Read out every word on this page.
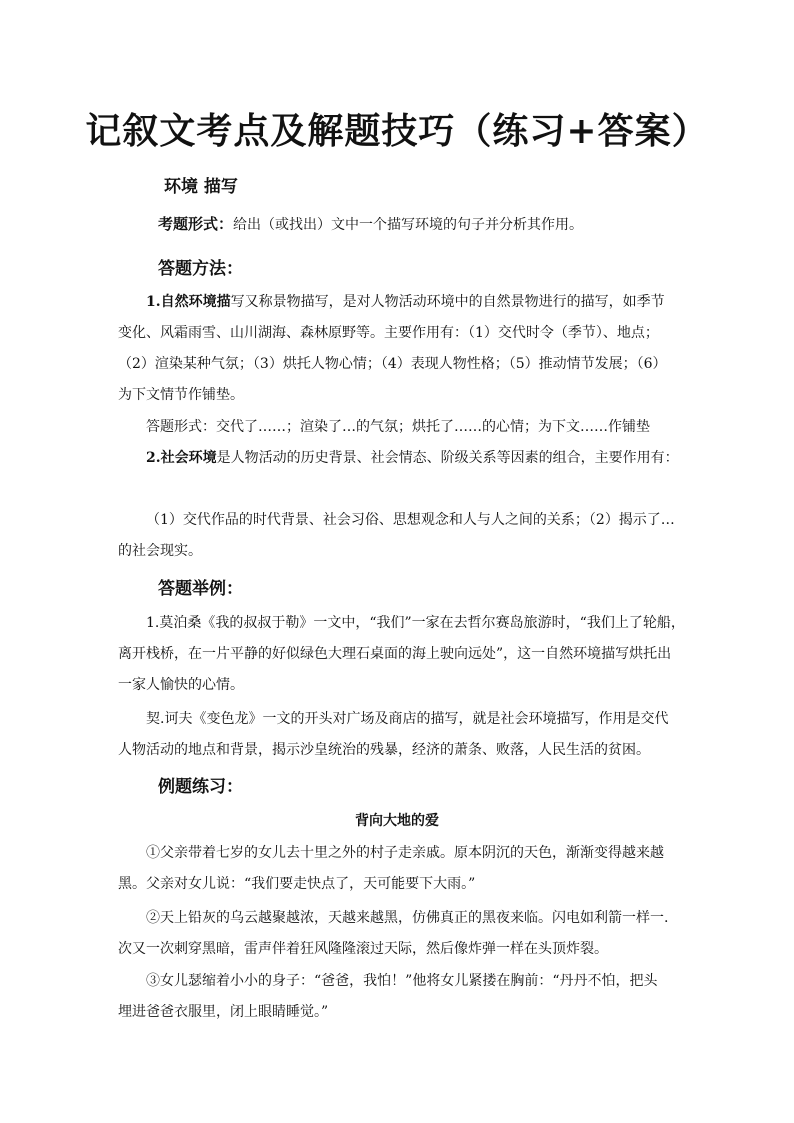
记叙文考点及解题技巧（练习+答案）
环境 描写
考题形式：给出（或找出）文中一个描写环境的句子并分析其作用。
答题方法：
1.自然环境描写又称景物描写，是对人物活动环境中的自然景物进行的描写，如季节
变化、风霜雨雪、山川湖海、森林原野等。主要作用有：（1）交代时令（季节）、地点；
（2）渲染某种气氛；（3）烘托人物心情；（4）表现人物性格；（5）推动情节发展；（6）
为下文情节作铺垫。
答题形式：交代了……；渲染了…的气氛；烘托了……的心情；为下文……作铺垫
2.社会环境是人物活动的历史背景、社会情态、阶级关系等因素的组合，主要作用有：
（1）交代作品的时代背景、社会习俗、思想观念和人与人之间的关系；（2）揭示了…
的社会现实。
答题举例：
1.莫泊桑《我的叔叔于勒》一文中，“我们”一家在去哲尔赛岛旅游时，“我们上了轮船，
离开栈桥，在一片平静的好似绿色大理石桌面的海上驶向远处”，这一自然环境描写烘托出
一家人愉快的心情。
契.诃夫《变色龙》一文的开头对广场及商店的描写，就是社会环境描写，作用是交代
人物活动的地点和背景，揭示沙皇统治的残暴，经济的萧条、败落，人民生活的贫困。
例题练习：
背向大地的爱
①父亲带着七岁的女儿去十里之外的村子走亲戚。原本阴沉的天色，渐渐变得越来越
黑。父亲对女儿说：“我们要走快点了，天可能要下大雨。”
②天上铅灰的乌云越聚越浓，天越来越黑，仿佛真正的黑夜来临。闪电如利箭一样一.
次又一次刺穿黑暗，雷声伴着狂风隆隆滚过天际，然后像炸弹一样在头顶炸裂。
③女儿瑟缩着小小的身子：“爸爸，我怕！”他将女儿紧搂在胸前：“丹丹不怕，把头
埋进爸爸衣服里，闭上眼睛睡觉。”
